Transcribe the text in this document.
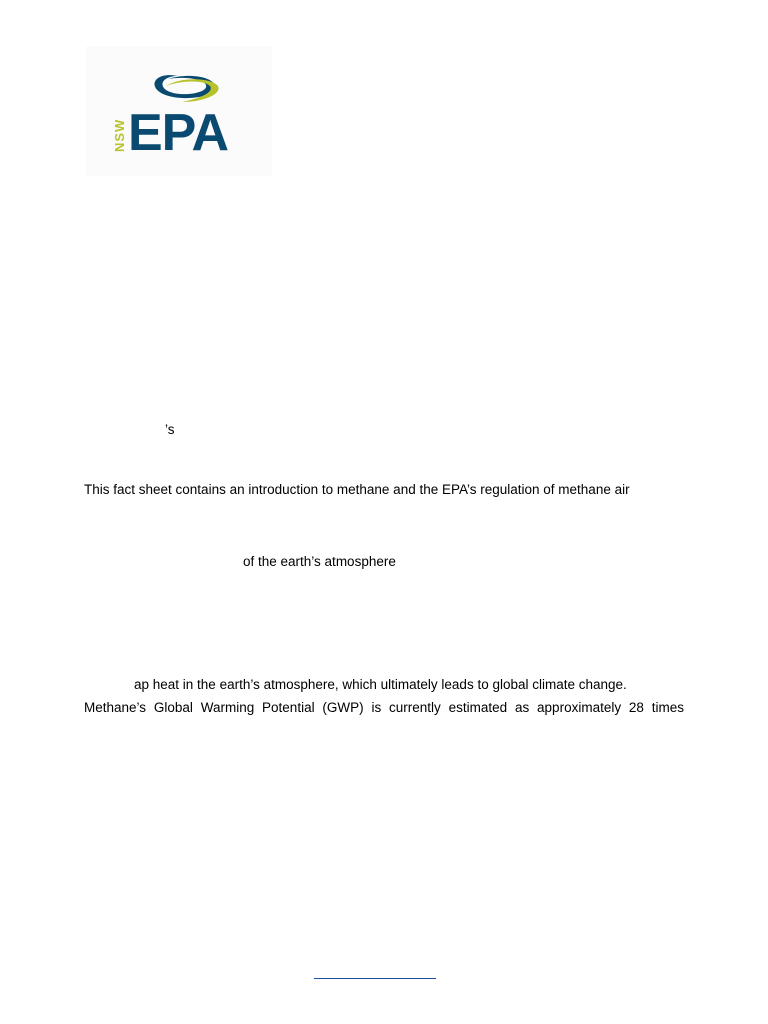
NSW EPA
’s
This fact sheet contains an introduction to methane and the EPA’s regulation of methane air
of the earth’s atmosphere
ap heat in the earth’s atmosphere, which ultimately leads to global climate change.
Methane’s Global Warming Potential (GWP) is currently estimated as approximately 28 times
